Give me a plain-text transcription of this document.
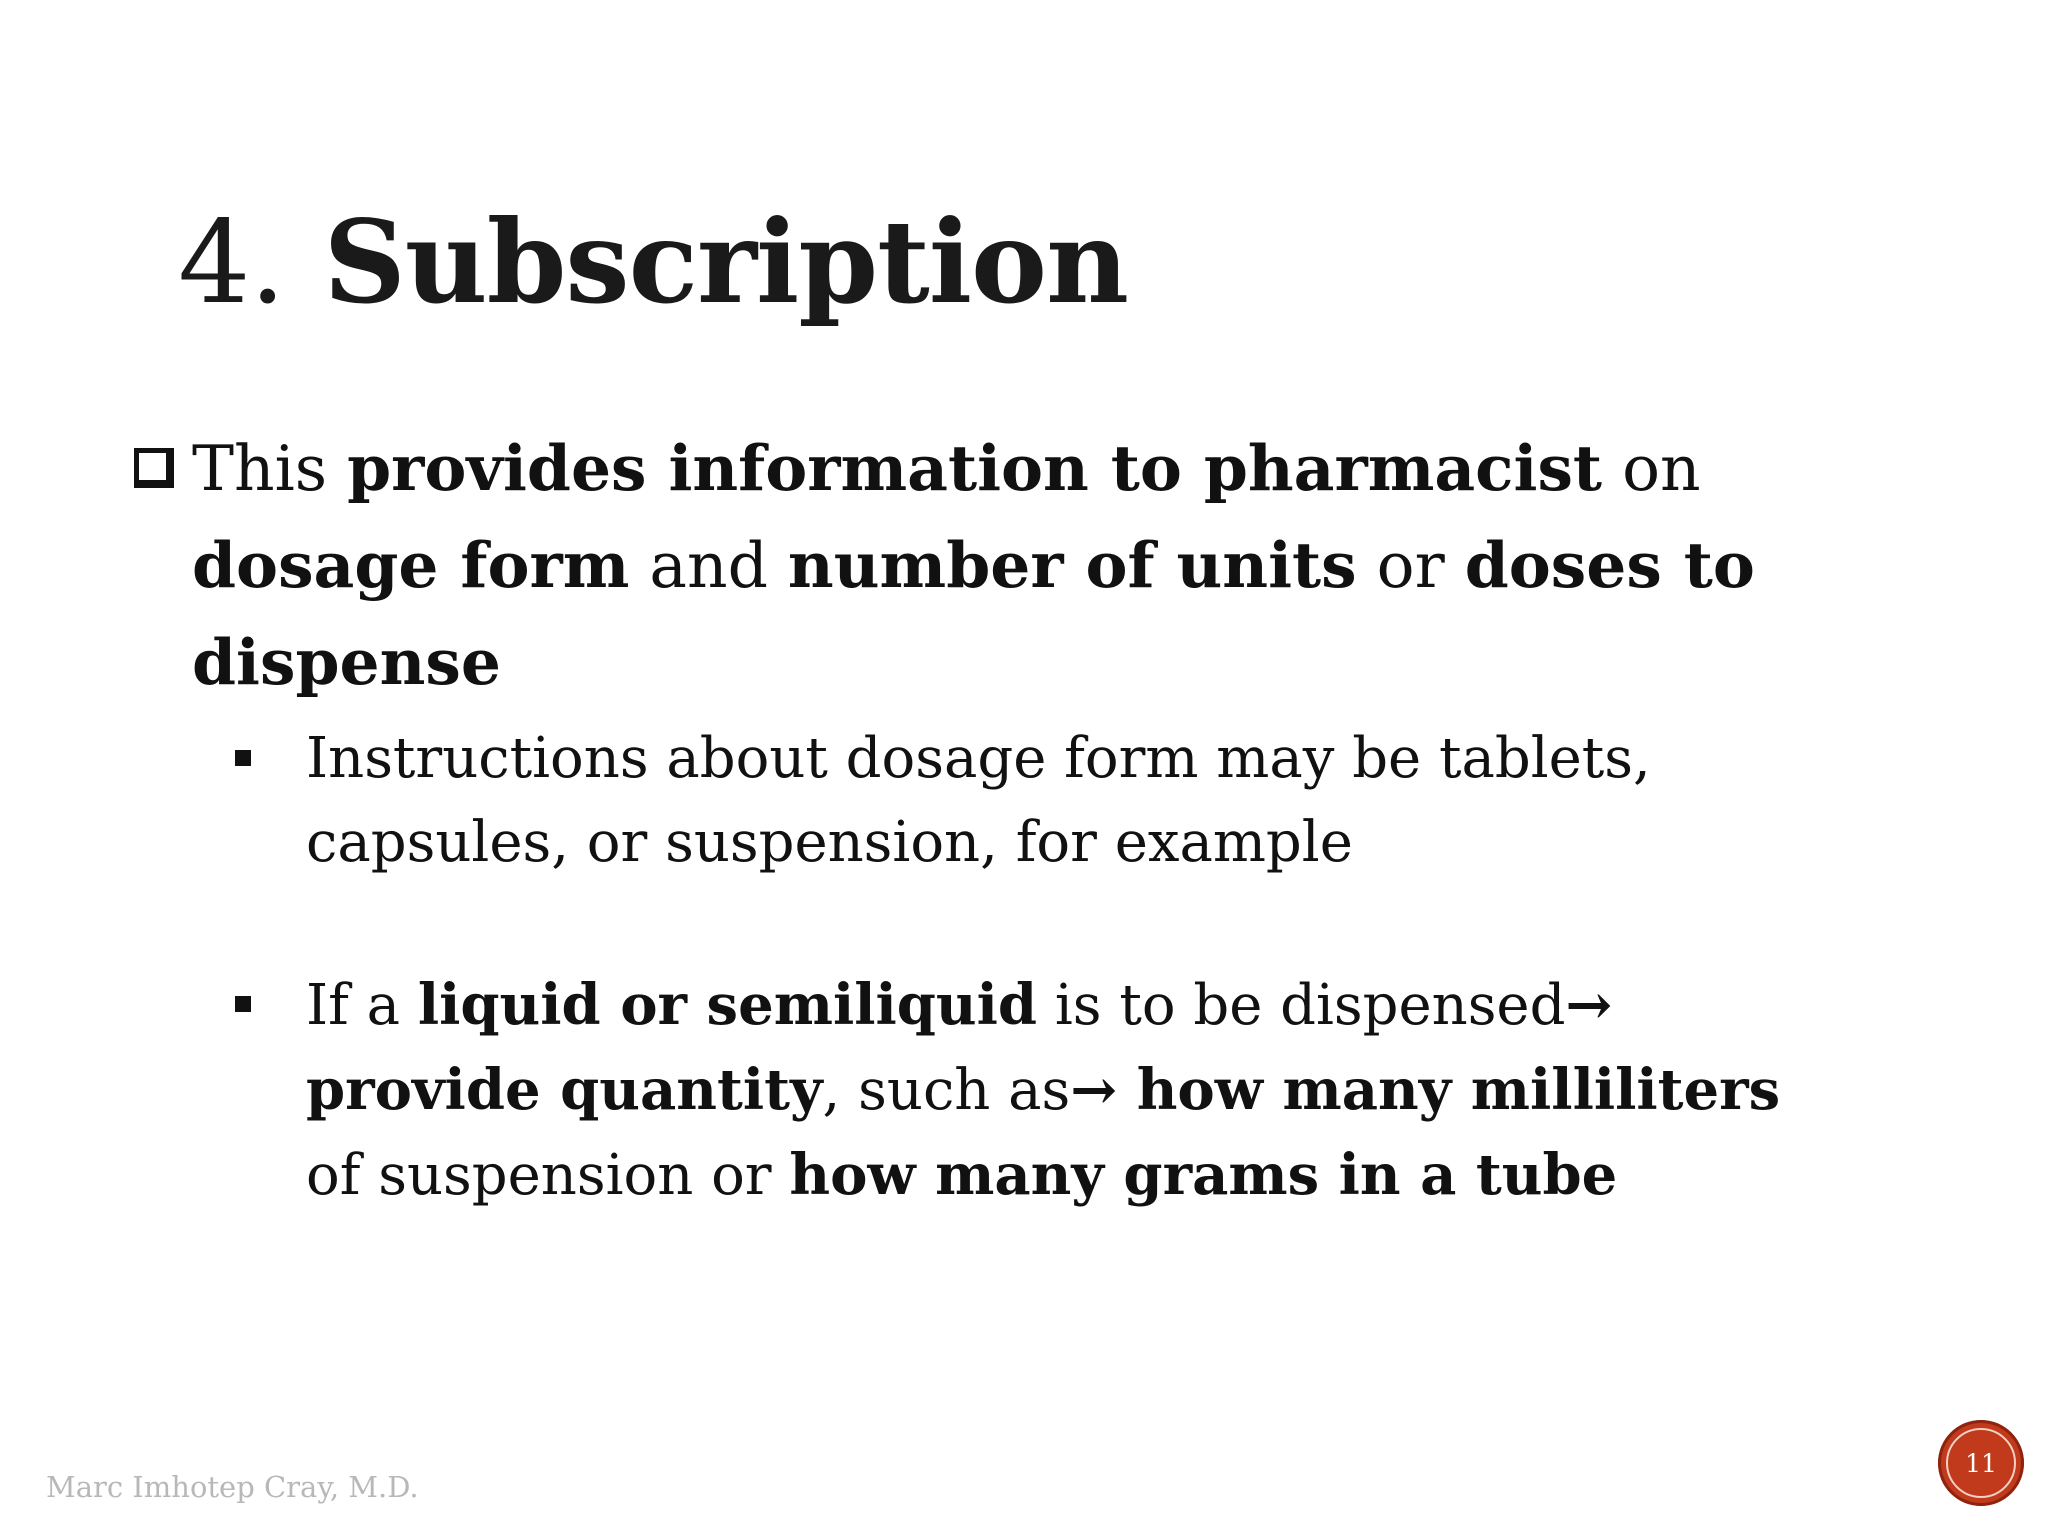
4. Subscription

This provides information to pharmacist on dosage form and number of units or doses to dispense

Instructions about dosage form may be tablets, capsules, or suspension, for example
If a liquid or semiliquid is to be dispensed→ provide quantity, such as→ how many milliliters of suspension or how many grams in a tube
Marc Imhotep Cray, M.D.
11
